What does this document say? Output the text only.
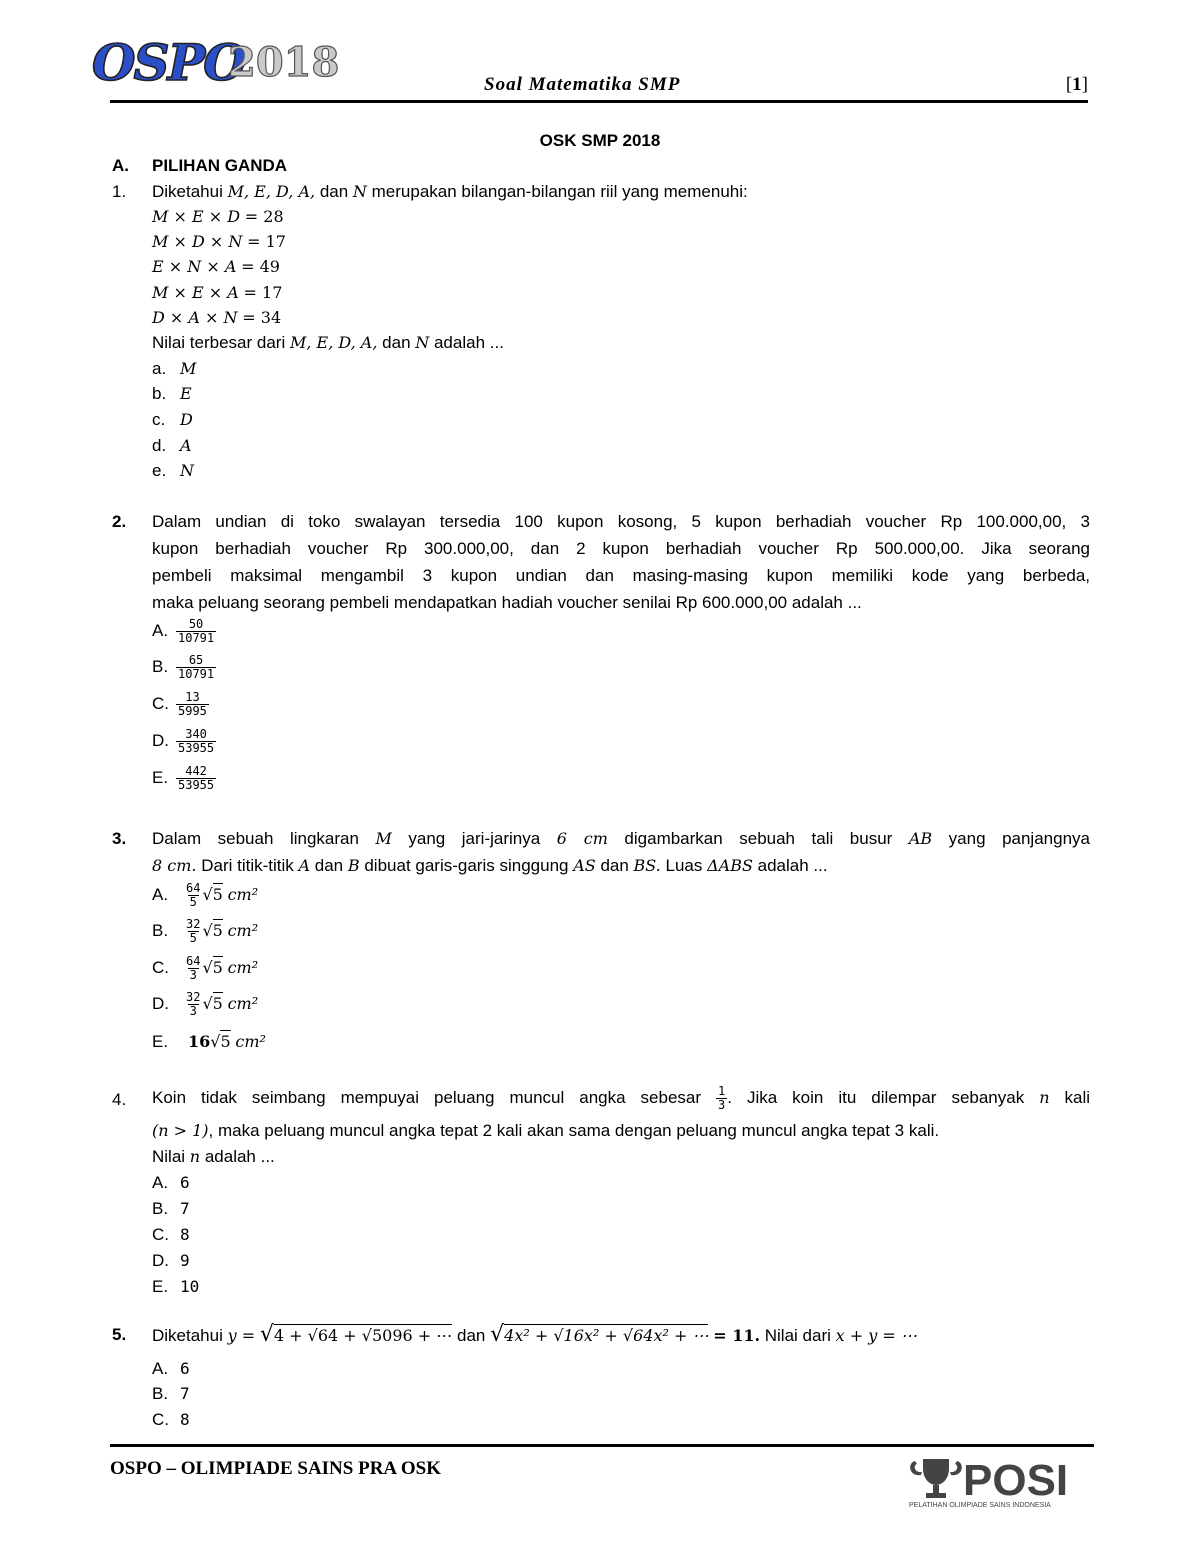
OSPO
2018	Soal Matematika SMP	[1]
OSK SMP 2018
A. PILIHAN GANDA
1. Diketahui M, E, D, A, dan N merupakan bilangan-bilangan riil yang memenuhi:
M × E × D = 28
M × D × N = 17
E × N × A = 49
M × E × A = 17
D × A × N = 34
Nilai terbesar dari M, E, D, A, dan N adalah ...
a. M
b. E
c. D
d. A
e. N
2. Dalam undian di toko swalayan tersedia 100 kupon kosong, 5 kupon berhadiah voucher Rp 100.000,00, 3
kupon berhadiah voucher Rp 300.000,00, dan 2 kupon berhadiah voucher Rp 500.000,00. Jika seorang
pembeli maksimal mengambil 3 kupon undian dan masing-masing kupon memiliki kode yang berbeda,
maka peluang seorang pembeli mendapatkan hadiah voucher senilai Rp 600.000,00 adalah ...
A. $\frac{50}{10791}$
B. $\frac{65}{10791}$
C. $\frac{13}{5995}$
D. $\frac{340}{53955}$
E. $\frac{442}{53955}$
3. Dalam sebuah lingkaran M yang jari-jarinya 6 cm digambarkan sebuah tali busur AB yang panjangnya
8 cm. Dari titik-titik A dan B dibuat garis-garis singgung AS dan BS. Luas ΔABS adalah ...
A. $\frac{64}{5} √5$ cm²
B. $\frac{32}{5} √5$ cm²
C. $\frac{64}{3} √5$ cm²
D. $\frac{32}{3} √5$ cm²
E. 16√5 cm²
4. Koin tidak seimbang mempuyai peluang muncul angka sebesar $\frac{1}{3}$ . Jika koin itu dilempar sebanyak n kali
(n > 1), maka peluang muncul angka tepat 2 kali akan sama dengan peluang muncul angka tepat 3 kali.
Nilai n adalah ...
A. 6
B. 7
C. 8
D. 9
E. 10
5. Diketahui y = √4 + √64 + √5096 + ⋯ dan √4x² + √16x² + √64x² + ⋯ = 11. Nilai dari x + y = ⋯
A. 6
B. 7
C. 8
OSPO – OLIMPIADE SAINS PRA OSK	POSI
PELATIHAN OLIMPIADE SAINS INDONESIA
